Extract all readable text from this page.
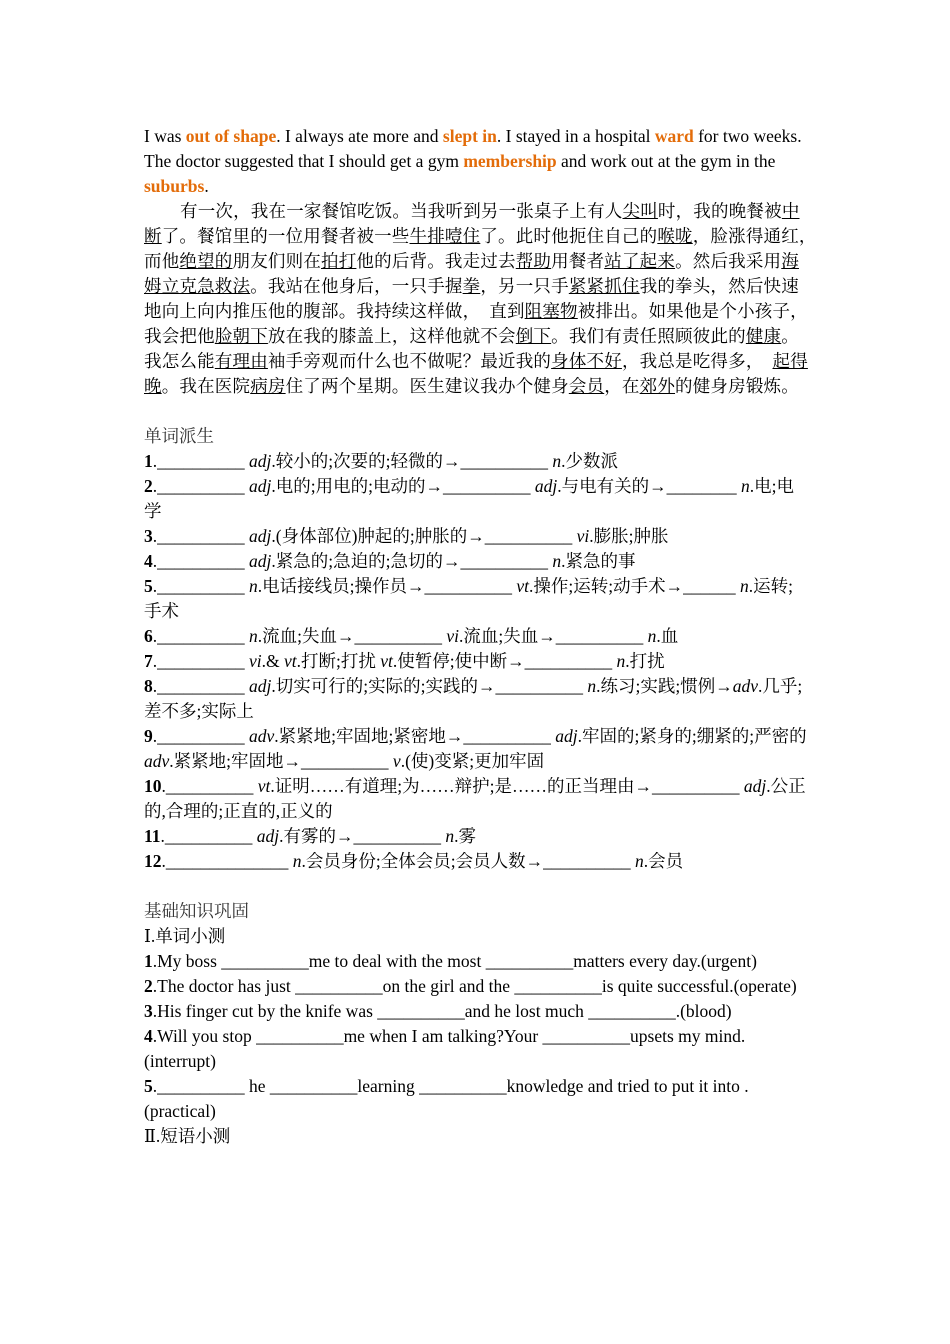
I was out of shape. I always ate more and slept in. I stayed in a hospital ward for two weeks. The doctor suggested that I should get a gym membership and work out at the gym in the suburbs.

有一次，我在一家餐馆吃饭。当我听到另一张桌子上有人尖叫时，我的晚餐被中断了。餐馆里的一位用餐者被一些牛排噎住了。此时他扼住自己的喉咙，脸涨得通红，　　而他绝望的朋友们则在拍打他的后背。我走过去帮助用餐者站了起来。然后我采用海姆立克急救法。我站在他身后，一只手握拳，另一只手紧紧抓住我的拳头，然后快速地向上向内推压他的腹部。我持续这样做，　直到阻塞物被排出。如果他是个小孩子，我会把他脸朝下放在我的膝盖上，这样他就不会倒下。我们有责任照顾彼此的健康。我怎么能有理由袖手旁观而什么也不做呢？最近我的身体不好，我总是吃得多，　起得晚。我在医院病房住了两个星期。医生建议我办个健身会员，在郊外的健身房锻炼。

单词派生

1.__________ adj.较小的;次要的;轻微的→__________ n.少数派

2.__________ adj.电的;用电的;电动的→__________ adj.与电有关的→________ n.电;电学

3.__________ adj.(身体部位)肿起的;肿胀的→__________ vi.膨胀;肿胀

4.__________ adj.紧急的;急迫的;急切的→__________ n.紧急的事

5.__________ n.电话接线员;操作员→__________ vt.操作;运转;动手术→______ n.运转;手术

6.__________ n.流血;失血→__________ vi.流血;失血→__________ n.血

7.__________ vi.& vt.打断;打扰 vt.使暂停;使中断→__________ n.打扰

8.__________ adj.切实可行的;实际的;实践的→__________ n.练习;实践;惯例→adv.几乎;差不多;实际上

9.__________ adv.紧紧地;牢固地;紧密地→__________ adj.牢固的;紧身的;绷紧的;严密的 adv.紧紧地;牢固地→__________ v.(使)变紧;更加牢固

10.__________ vt.证明……有道理;为……辩护;是……的正当理由→__________ adj.公正的,合理的;正直的,正义的

11.__________ adj.有雾的→__________ n.雾

12.______________ n.会员身份;全体会员;会员人数→__________ n.会员

基础知识巩固

Ⅰ.单词小测

1.My boss __________me to deal with the most __________matters every day.(urgent)

2.The doctor has just __________on the girl and the __________is quite successful.(operate)

3.His finger cut by the knife was __________and he lost much __________.(blood)

4.Will you stop __________me when I am talking?Your __________upsets my mind.(interrupt)

5.__________ he __________learning __________knowledge and tried to put it into .(practical)

Ⅱ.短语小测
